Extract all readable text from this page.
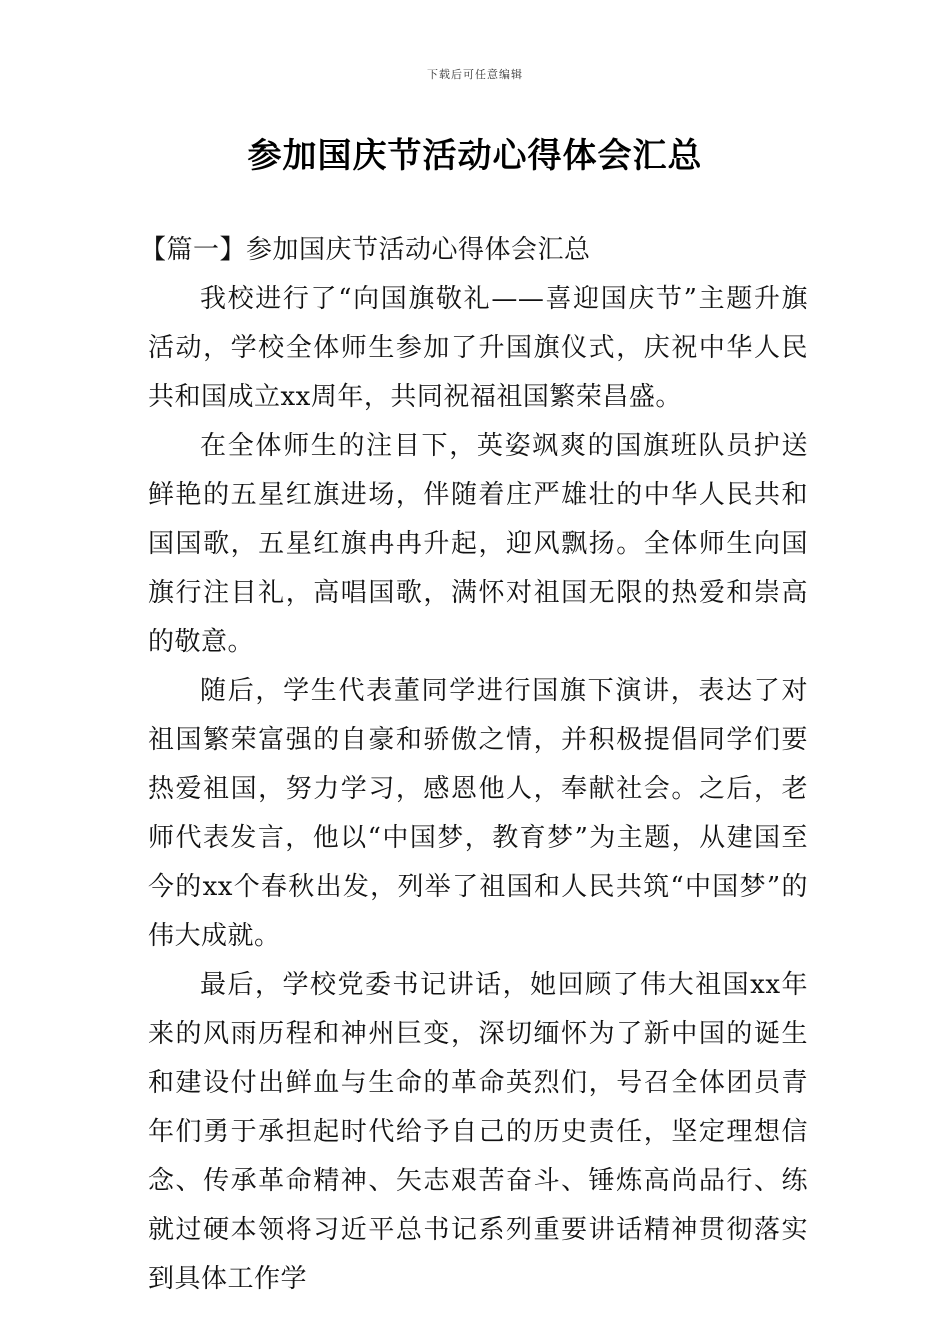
下载后可任意编辑
参加国庆节活动心得体会汇总

【篇一】参加国庆节活动心得体会汇总

我校进行了“向国旗敬礼——喜迎国庆节”主题升旗活动，学校全体师生参加了升国旗仪式，庆祝中华人民共和国成立xx周年，共同祝福祖国繁荣昌盛。

在全体师生的注目下，英姿飒爽的国旗班队员护送鲜艳的五星红旗进场，伴随着庄严雄壮的中华人民共和国国歌，五星红旗冉冉升起，迎风飘扬。全体师生向国旗行注目礼，高唱国歌，满怀对祖国无限的热爱和崇高的敬意。

随后，学生代表董同学进行国旗下演讲，表达了对祖国繁荣富强的自豪和骄傲之情，并积极提倡同学们要热爱祖国，努力学习，感恩他人，奉献社会。之后，老师代表发言，他以“中国梦，教育梦”为主题，从建国至今的xx个春秋出发，列举了祖国和人民共筑“中国梦”的伟大成就。

最后，学校党委书记讲话，她回顾了伟大祖国xx年来的风雨历程和神州巨变，深切缅怀为了新中国的诞生和建设付出鲜血与生命的革命英烈们，号召全体团员青年们勇于承担起时代给予自己的历史责任，坚定理想信念、传承革命精神、矢志艰苦奋斗、锤炼高尚品行、练就过硬本领将习近平总书记系列重要讲话精神贯彻落实到具体工作学
